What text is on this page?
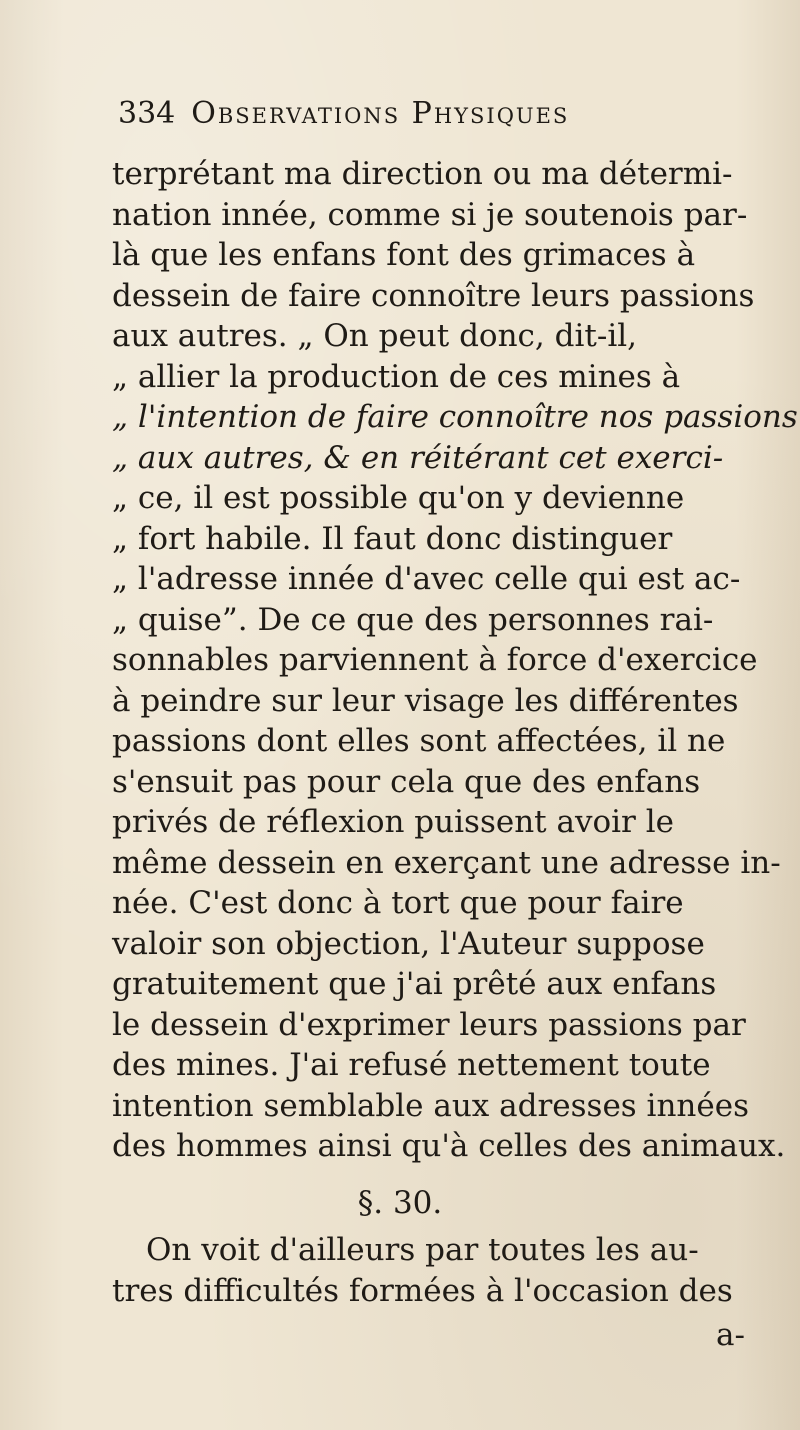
334 Observations Physiques
terprétant ma direction ou ma détermi-
nation innée, comme si je soutenois par-
là que les enfans font des grimaces à
dessein de faire connoître leurs passions
aux autres. „ On peut donc, dit-il,
„ allier la production de ces mines à
„ l'intention de faire connoître nos passions
„ aux autres, & en réitérant cet exerci-
„ ce, il est possible qu'on y devienne
„ fort habile. Il faut donc distinguer
„ l'adresse innée d'avec celle qui est ac-
„ quise”. De ce que des personnes rai-
sonnables parviennent à force d'exercice
à peindre sur leur visage les différentes
passions dont elles sont affectées, il ne
s'ensuit pas pour cela que des enfans
privés de réflexion puissent avoir le
même dessein en exerçant une adresse in-
née. C'est donc à tort que pour faire
valoir son objection, l'Auteur suppose
gratuitement que j'ai prêté aux enfans
le dessein d'exprimer leurs passions par
des mines. J'ai refusé nettement toute
intention semblable aux adresses innées
des hommes ainsi qu'à celles des animaux.
§. 30.
On voit d'ailleurs par toutes les au-
tres difficultés formées à l'occasion des
a-
